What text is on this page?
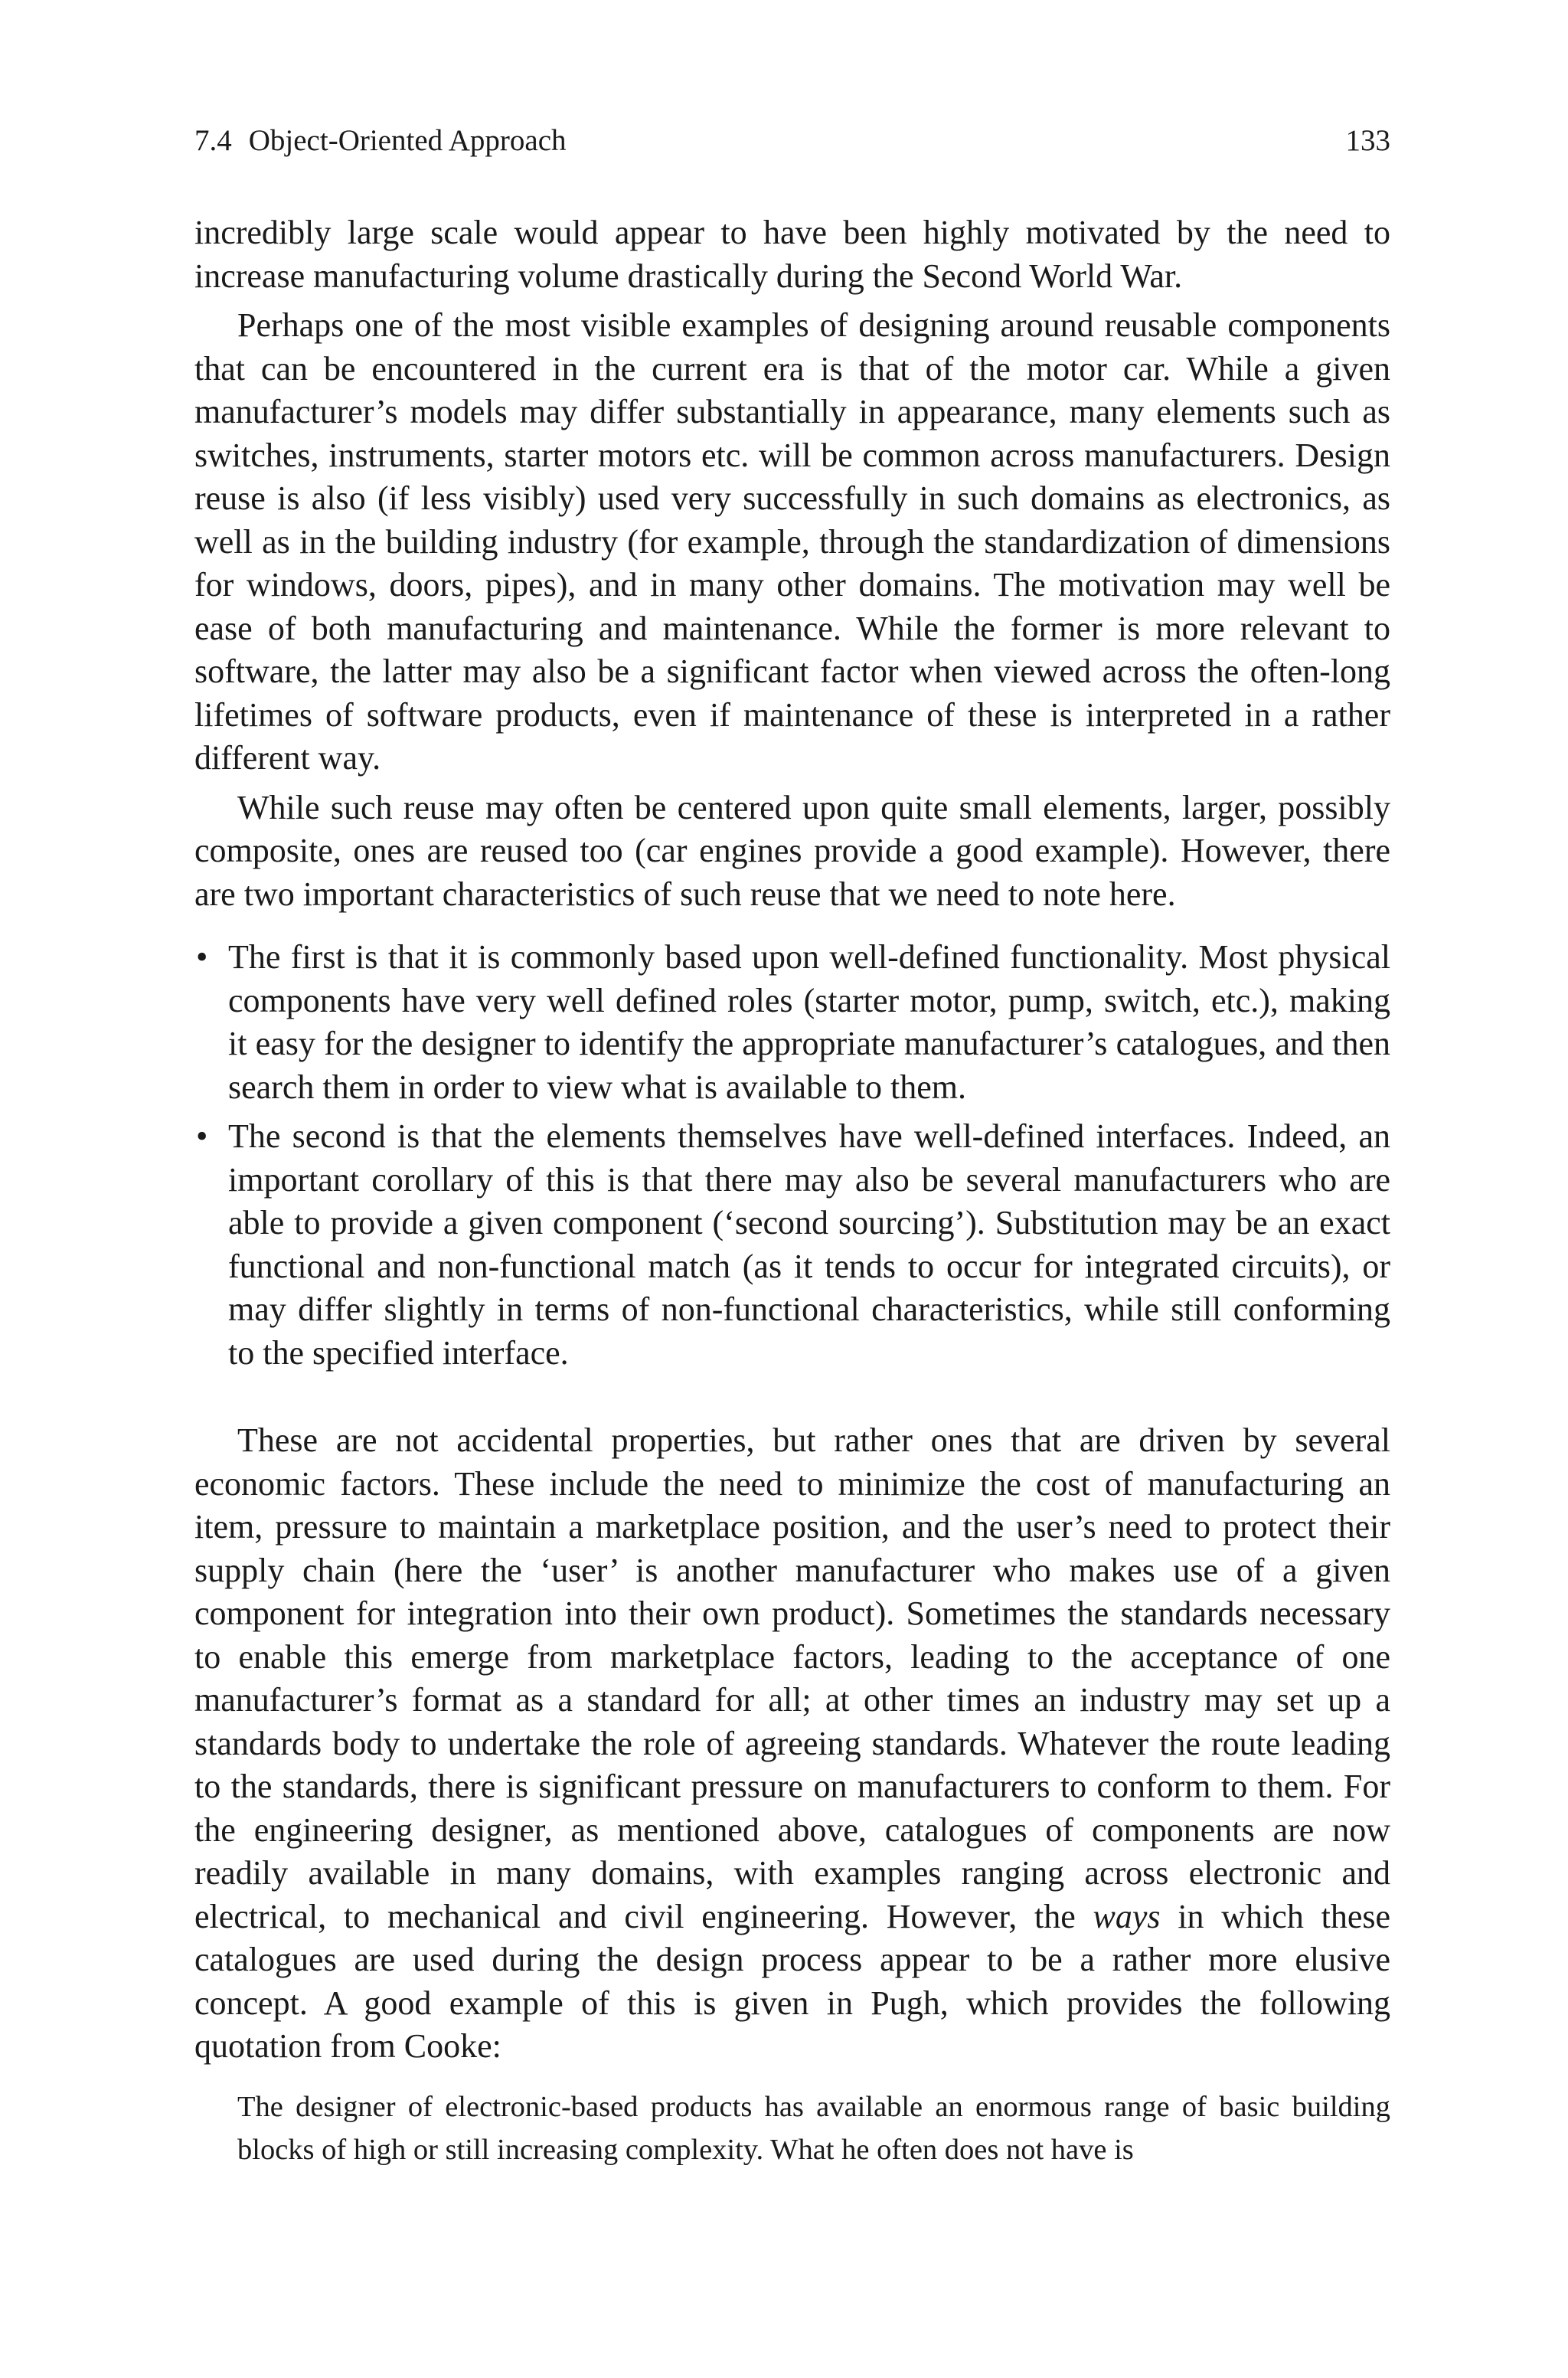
7.4 Object-Oriented Approach	133

incredibly large scale would appear to have been highly motivated by the need to increase manufacturing volume drastically during the Second World War.

Perhaps one of the most visible examples of designing around reusable components that can be encountered in the current era is that of the motor car. While a given manufacturer’s models may differ substantially in appearance, many elements such as switches, instruments, starter motors etc. will be common across manufacturers. Design reuse is also (if less visibly) used very successfully in such domains as electronics, as well as in the building industry (for example, through the standardization of dimensions for windows, doors, pipes), and in many other domains. The motivation may well be ease of both manufacturing and maintenance. While the former is more relevant to software, the latter may also be a significant factor when viewed across the often-long lifetimes of software products, even if maintenance of these is interpreted in a rather different way.

While such reuse may often be centered upon quite small elements, larger, possibly composite, ones are reused too (car engines provide a good example). However, there are two important characteristics of such reuse that we need to note here.

• The first is that it is commonly based upon well-defined functionality. Most physical components have very well defined roles (starter motor, pump, switch, etc.), making it easy for the designer to identify the appropriate manufacturer’s catalogues, and then search them in order to view what is available to them.
• The second is that the elements themselves have well-defined interfaces. Indeed, an important corollary of this is that there may also be several manufacturers who are able to provide a given component (‘second sourcing’). Substitution may be an exact functional and non-functional match (as it tends to occur for integrated circuits), or may differ slightly in terms of non-functional characteristics, while still conforming to the specified interface.

These are not accidental properties, but rather ones that are driven by several economic factors. These include the need to minimize the cost of manufacturing an item, pressure to maintain a marketplace position, and the user’s need to protect their supply chain (here the ‘user’ is another manufacturer who makes use of a given component for integration into their own product). Sometimes the standards necessary to enable this emerge from marketplace factors, leading to the acceptance of one manufacturer’s format as a standard for all; at other times an industry may set up a standards body to undertake the role of agreeing standards. Whatever the route leading to the standards, there is significant pressure on manufacturers to conform to them. For the engineering designer, as mentioned above, catalogues of components are now readily available in many domains, with examples ranging across electronic and electrical, to mechanical and civil engineering. However, the ways in which these catalogues are used during the design process appear to be a rather more elusive concept. A good example of this is given in Pugh, which provides the following quotation from Cooke:

The designer of electronic-based products has available an enormous range of basic building blocks of high or still increasing complexity. What he often does not have is
